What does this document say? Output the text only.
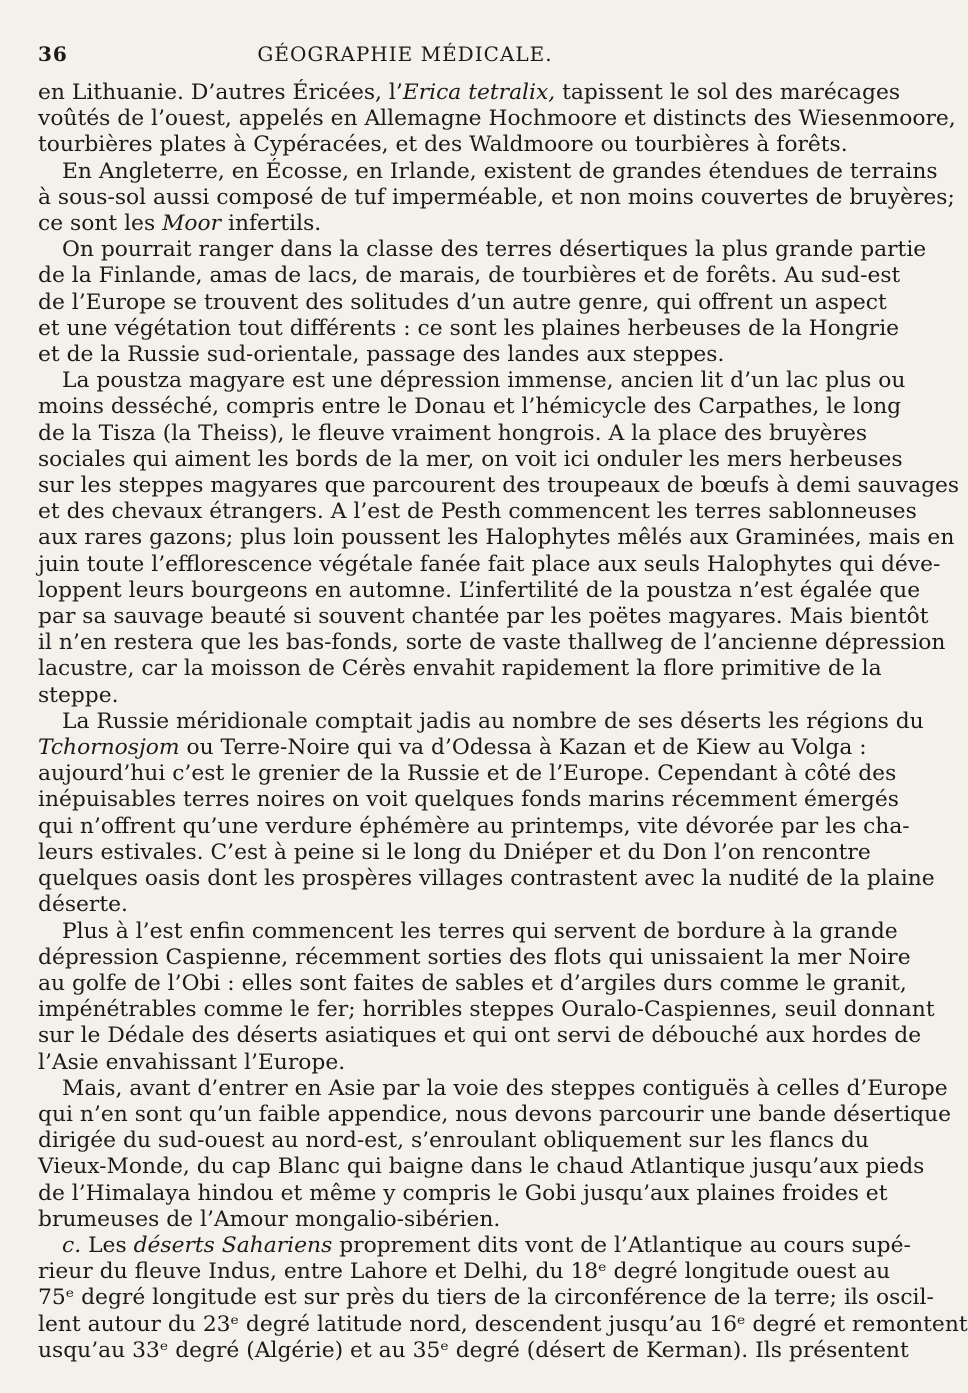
36	GÉOGRAPHIE MÉDICALE.
en Lithuanie. D’autres Éricées, l’Erica tetralix, tapissent le sol des marécages
voûtés de l’ouest, appelés en Allemagne Hochmoore et distincts des Wiesenmoore,
tourbières plates à Cypéracées, et des Waldmoore ou tourbières à forêts.
En Angleterre, en Écosse, en Irlande, existent de grandes étendues de terrains
à sous-sol aussi composé de tuf imperméable, et non moins couvertes de bruyères;
ce sont les Moor infertils.
On pourrait ranger dans la classe des terres désertiques la plus grande partie
de la Finlande, amas de lacs, de marais, de tourbières et de forêts. Au sud-est
de l’Europe se trouvent des solitudes d’un autre genre, qui offrent un aspect
et une végétation tout différents : ce sont les plaines herbeuses de la Hongrie
et de la Russie sud-orientale, passage des landes aux steppes.
La poustza magyare est une dépression immense, ancien lit d’un lac plus ou
moins desséché, compris entre le Donau et l’hémicycle des Carpathes, le long
de la Tisza (la Theiss), le fleuve vraiment hongrois. A la place des bruyères
sociales qui aiment les bords de la mer, on voit ici onduler les mers herbeuses
sur les steppes magyares que parcourent des troupeaux de bœufs à demi sauvages
et des chevaux étrangers. A l’est de Pesth commencent les terres sablonneuses
aux rares gazons; plus loin poussent les Halophytes mêlés aux Graminées, mais en
juin toute l’efflorescence végétale fanée fait place aux seuls Halophytes qui déve-
loppent leurs bourgeons en automne. L’infertilité de la poustza n’est égalée que
par sa sauvage beauté si souvent chantée par les poëtes magyares. Mais bientôt
il n’en restera que les bas-fonds, sorte de vaste thallweg de l’ancienne dépression
lacustre, car la moisson de Cérès envahit rapidement la flore primitive de la
steppe.
La Russie méridionale comptait jadis au nombre de ses déserts les régions du
Tchornosjom ou Terre-Noire qui va d’Odessa à Kazan et de Kiew au Volga :
aujourd’hui c’est le grenier de la Russie et de l’Europe. Cependant à côté des
inépuisables terres noires on voit quelques fonds marins récemment émergés
qui n’offrent qu’une verdure éphémère au printemps, vite dévorée par les cha-
leurs estivales. C’est à peine si le long du Dniéper et du Don l’on rencontre
quelques oasis dont les prospères villages contrastent avec la nudité de la plaine
déserte.
Plus à l’est enfin commencent les terres qui servent de bordure à la grande
dépression Caspienne, récemment sorties des flots qui unissaient la mer Noire
au golfe de l’Obi : elles sont faites de sables et d’argiles durs comme le granit,
impénétrables comme le fer; horribles steppes Ouralo-Caspiennes, seuil donnant
sur le Dédale des déserts asiatiques et qui ont servi de débouché aux hordes de
l’Asie envahissant l’Europe.
Mais, avant d’entrer en Asie par la voie des steppes contiguës à celles d’Europe
qui n’en sont qu’un faible appendice, nous devons parcourir une bande désertique
dirigée du sud-ouest au nord-est, s’enroulant obliquement sur les flancs du
Vieux-Monde, du cap Blanc qui baigne dans le chaud Atlantique jusqu’aux pieds
de l’Himalaya hindou et même y compris le Gobi jusqu’aux plaines froides et
brumeuses de l’Amour mongalio-sibérien.
c. Les déserts Sahariens proprement dits vont de l’Atlantique au cours supé-
rieur du fleuve Indus, entre Lahore et Delhi, du 18ᵉ degré longitude ouest au
75ᵉ degré longitude est sur près du tiers de la circonférence de la terre; ils oscil-
lent autour du 23ᵉ degré latitude nord, descendent jusqu’au 16ᵉ degré et remontent
usqu’au 33ᵉ degré (Algérie) et au 35ᵉ degré (désert de Kerman). Ils présentent
